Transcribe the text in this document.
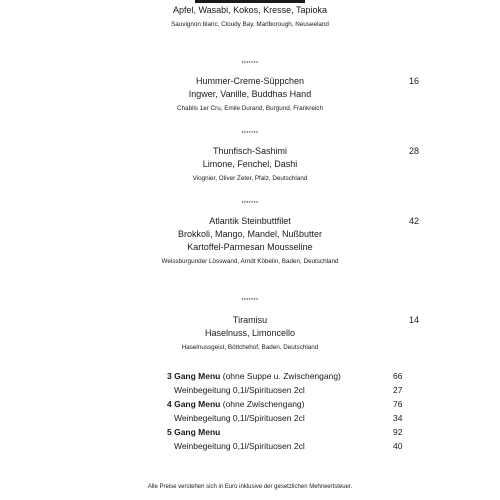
Apfel, Wasabi, Kokos, Kresse, Tapioka
Sauvignon blanc, Cloudy Bay, Marlborough, Neuseeland
*******
Hummer-Creme-Süppchen
Ingwer, Vanille, Buddhas Hand
Chablis 1er Cru, Emile Durand, Burgund, Frankreich
16
*******
Thunfisch-Sashimi
Limone, Fenchel, Dashi
Viognier, Oliver Zeter, Pfalz, Deutschland
28
*******
Atlantik Steinbuttfilet
Brokkoli, Mango, Mandel, Nußbutter
Kartoffel-Parmesan Mousseline
Weissburgunder Lösswand, Arndt Köbelin, Baden, Deutschland
42
*******
Tiramisu
Haselnuss, Limoncello
Haselnussgeist, Böttchehof, Baden, Deutschland
14
3 Gang Menu (ohne Suppe u. Zwischengang)	66
Weinbegeitung 0,1l/Spirituosen 2cl	27
4 Gang Menu (ohne Zwischengang)	76
Weinbegeitung 0,1l/Spirituosen 2cl	34
5 Gang Menu	92
Weinbegeitung 0,1l/Spirituosen 2cl	40
Alle Preise verstehen sich in Euro inklusive der gesetzlichen Mehrwertsteuer.
